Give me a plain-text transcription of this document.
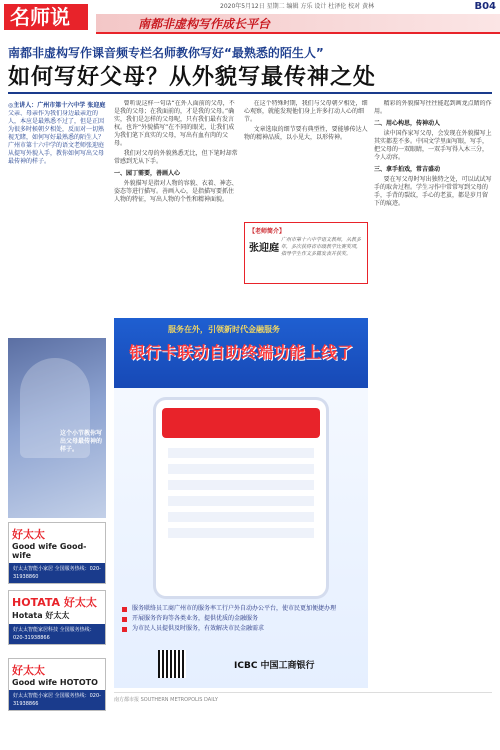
名师说	2020年5月12日 星期二 编辑 方乐 设计 杜泽伦 校对 黄林	B04
南都非虚构写作成长平台
南都非虚构写作课音频专栏名师教你写好“最熟悉的陌生人”
如何写好父母？从外貌写最传神之处
◎主讲人：广州市第十六中学 张迎庭
父亲、母亲作为我们身边最亲近的人，本应是最熟悉不过了，但是正因为很多时候朝夕相处，反而对一切熟视无睹，如何写好最熟悉的陌生人？广州市第十六中学的语文老师张迎庭从提写外貌入手，教你如何写出父母最传神的样子。

曾听说这样一句话“在外人面前的父母，不是我的父母；在我面前的，才是我的父母。”确实，我们是怎样的父母呢，只有我们最有发言权。也许“外貌描写”在不同的眼光，让我们成为我们笔下真实的父母，写出有血有肉的父母。

我们对父母的外貌熟悉无比，但下笔时却常常感到无从下手。

一、园丁需要，善画人心

外貌描写是指对人物的容貌、衣着、神态、姿态等进行描写。善画入心，是指描写要抓住人物的特征，写出人物的个性和精神面貌。

在这个特殊时期，我们与父母朝夕相处，细心观察，就能发现他们身上许多打动人心的细节。

文章选取的细节要有典型性，要能够传达人物的精神品质，以小见大，以形传神。

【老师简介】
张迎庭
广州市第十六中学语文教师，从教多年，多次获得省市级教学比赛奖项，指导学生作文多篇发表并获奖。

精彩的外貌描写往往能起到画龙点睛的作用。

二、用心构思，传神动人

读中国作家写父母，会发现在外貌描写上其实都差不多。中国文学里面写眼，写手，把父母的一双眼睛，一双手写得入木三分，令人动容。

三、拿手拍戏，常吉盛动

要在写父母时写出独特之处，可以试试写手的取舍过程。学生习作中常常写到父母的手，手背的裂纹，手心的老茧，都是岁月留下的痕迹。

这个小节教你写出父母最传神的样子。
好太太
Good wife Good-wife
好太太智能小家居 全国服务热线：020-31938860
HOTATA 好太太
Hotata 好太太
好太太智能家居科技 全国服务热线：020-31938866
好太太
Good wife HOTOTO
好太太智能小家居 全国服务热线：020-31938866
服务在外，引领新时代金融服务
银行卡联动自助终端功能上线了
服务联络员工商广州市的服务率工行户外自动办公平台，使市民更加便捷办理
开展服务咨询等各类业务，提供优质的金融服务
为市民人员提供及时服务，有效解决市民金融需求
ICBC 中国工商银行
南方都市报 SOUTHERN METROPOLIS DAILY
